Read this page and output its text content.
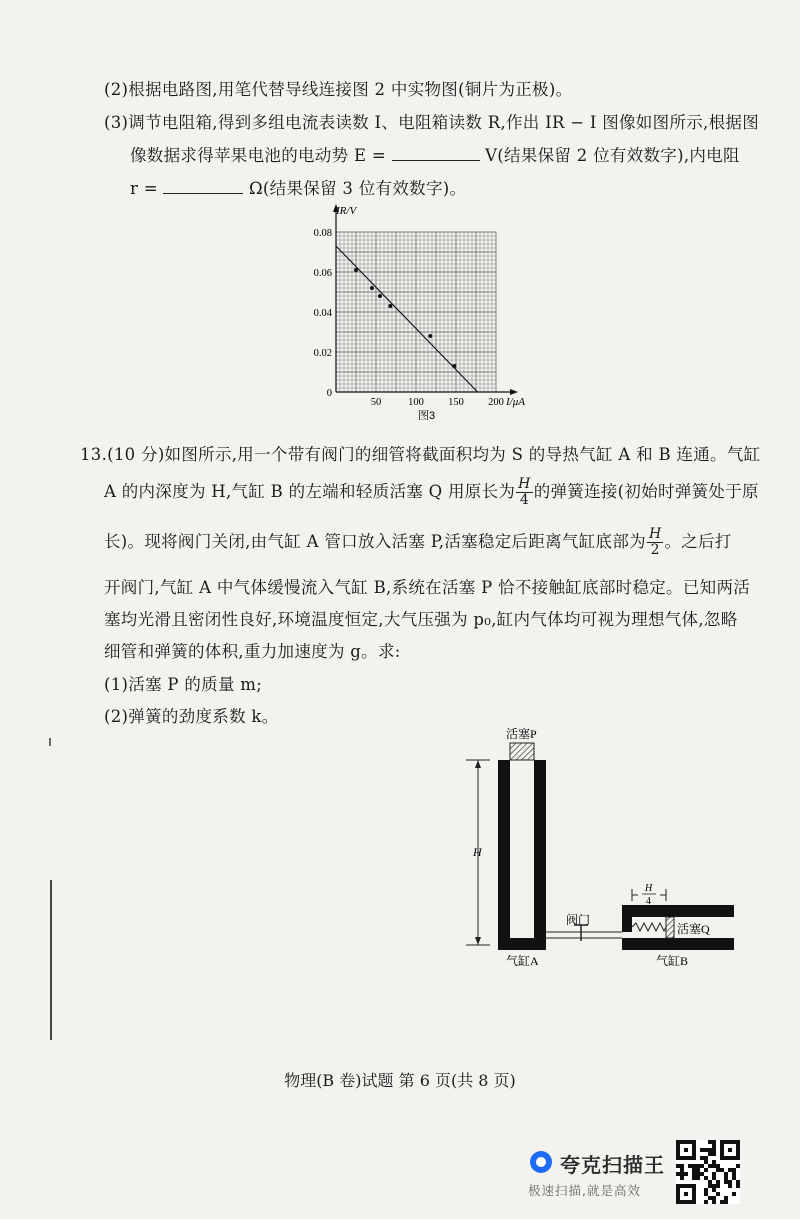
(2)根据电路图,用笔代替导线连接图 2 中实物图(铜片为正极)。
(3)调节电阻箱,得到多组电流表读数 I、电阻箱读数 R,作出 IR − I 图像如图所示,根据图
像数据求得苹果电池的电动势 E =	V(结果保留 2 位有效数字),内电阻
r =	Ω(结果保留 3 位有效数字)。
50	100 150 200
0
0.02
0.04
0.06
0.08
IR/V
I/μA
图3
13.(10 分)如图所示,用一个带有阀门的细管将截面积均为 S 的导热气缸 A 和 B 连通。气缸
A 的内深度为 H,气缸 B 的左端和轻质活塞 Q 用原长为 $\frac{H}{4}$ 的弹簧连接(初始时弹簧处于原
长)。现将阀门关闭,由气缸 A 管口放入活塞 P,活塞稳定后距离气缸底部为 $\frac{H}{2}$ 。之后打
开阀门,气缸 A 中气体缓慢流入气缸 B,系统在活塞 P 恰不接触缸底部时稳定。已知两活
塞均光滑且密闭性良好,环境温度恒定,大气压强为 p₀,缸内气体均可视为理想气体,忽略
细管和弹簧的体积,重力加速度为 g。求:
(1)活塞 P 的质量 m;
(2)弹簧的劲度系数 k。
活塞P
H
阀门
活塞Q
H
4
气缸A	气缸B
物理(B 卷)试题 第 6 页(共 8 页)
夸克扫描王
极速扫描,就是高效
